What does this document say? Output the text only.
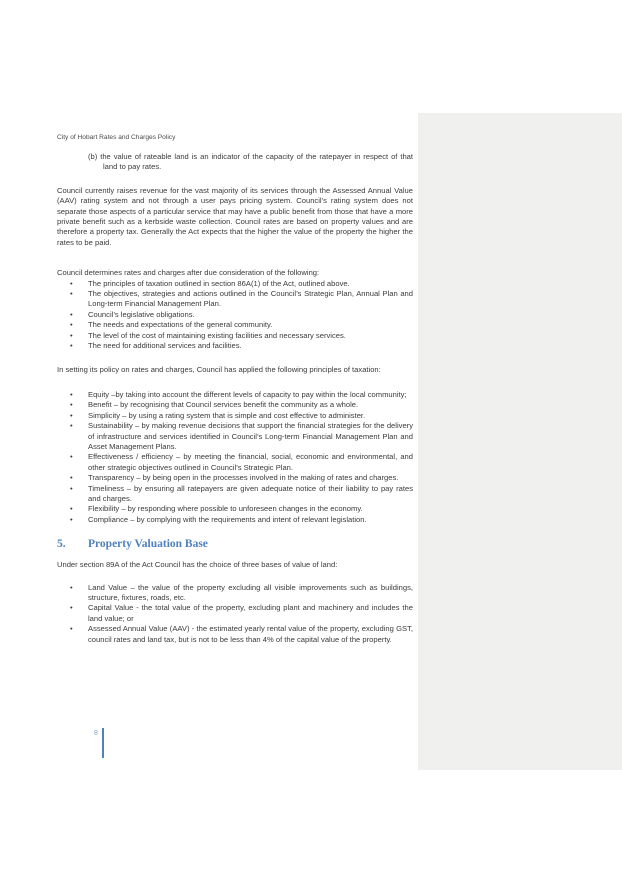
City of Hobart Rates and Charges Policy

(b) the value of rateable land is an indicator of the capacity of the ratepayer in respect of that land to pay rates.

Council currently raises revenue for the vast majority of its services through the Assessed Annual Value (AAV) rating system and not through a user pays pricing system. Council’s rating system does not separate those aspects of a particular service that may have a public benefit from those that have a more private benefit such as a kerbside waste collection. Council rates are based on property values and are therefore a property tax. Generally the Act expects that the higher the value of the property the higher the rates to be paid.

Council determines rates and charges after due consideration of the following:

• The principles of taxation outlined in section 86A(1) of the Act, outlined above.
• The objectives, strategies and actions outlined in the Council’s Strategic Plan, Annual Plan and Long-term Financial Management Plan.
• Council’s legislative obligations.
• The needs and expectations of the general community.
• The level of the cost of maintaining existing facilities and necessary services.
• The need for additional services and facilities.

In setting its policy on rates and charges, Council has applied the following principles of taxation:

• Equity –by taking into account the different levels of capacity to pay within the local community;
• Benefit – by recognising that Council services benefit the community as a whole.
• Simplicity – by using a rating system that is simple and cost effective to administer.
• Sustainability – by making revenue decisions that support the financial strategies for the delivery of infrastructure and services identified in Council’s Long-term Financial Management Plan and Asset Management Plans.
• Effectiveness / efficiency – by meeting the financial, social, economic and environmental, and other strategic objectives outlined in Council’s Strategic Plan.
• Transparency – by being open in the processes involved in the making of rates and charges.
• Timeliness – by ensuring all ratepayers are given adequate notice of their liability to pay rates and charges.
• Flexibility – by responding where possible to unforeseen changes in the economy.
• Compliance – by complying with the requirements and intent of relevant legislation.
5.	Property Valuation Base

Under section 89A of the Act Council has the choice of three bases of value of land:

• Land Value – the value of the property excluding all visible improvements such as buildings, structure, fixtures, roads, etc.
• Capital Value - the total value of the property, excluding plant and machinery and includes the land value; or
• Assessed Annual Value (AAV) - the estimated yearly rental value of the property, excluding GST, council rates and land tax, but is not to be less than 4% of the capital value of the property.
8
